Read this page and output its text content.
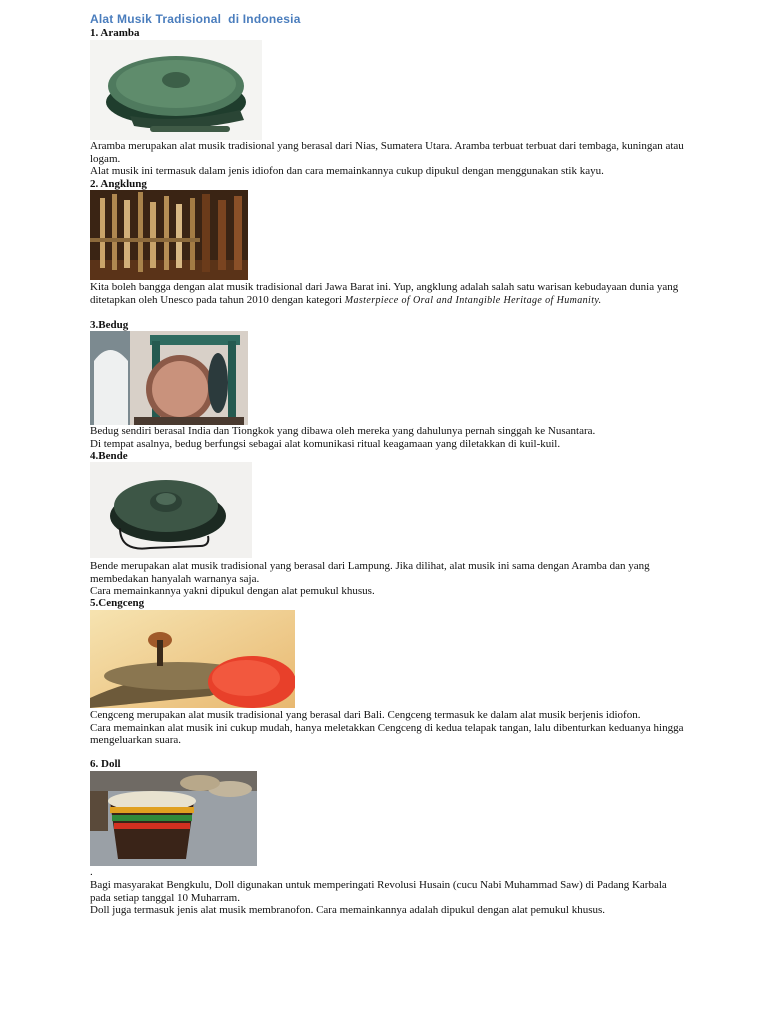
Alat Musik Tradisional  di Indonesia
1. Aramba

Aramba merupakan alat musik tradisional yang berasal dari Nias, Sumatera Utara. Aramba terbuat terbuat dari tembaga, kuningan atau logam.

Alat musik ini termasuk dalam jenis idiofon dan cara memainkannya cukup dipukul dengan menggunakan stik kayu.

2. Angklung

Kita boleh bangga dengan alat musik tradisional dari Jawa Barat ini. Yup, angklung adalah salah satu warisan kebudayaan dunia yang ditetapkan oleh Unesco pada tahun 2010 dengan kategori Masterpiece of Oral and Intangible Heritage of Humanity.

3.Bedug

Bedug sendiri berasal India dan Tiongkok yang dibawa oleh mereka yang dahulunya pernah singgah ke Nusantara.

Di tempat asalnya, bedug berfungsi sebagai alat komunikasi ritual keagamaan yang diletakkan di kuil-kuil.

4.Bende

Bende merupakan alat musik tradisional yang berasal dari Lampung. Jika dilihat, alat musik ini sama dengan Aramba dan yang membedakan hanyalah warnanya saja.

Cara memainkannya yakni dipukul dengan alat pemukul khusus.

5.Cengceng

Cengceng merupakan alat musik tradisional yang berasal dari Bali. Cengceng termasuk ke dalam alat musik berjenis idiofon.

Cara memainkan alat musik ini cukup mudah, hanya meletakkan Cengceng di kedua telapak tangan, lalu dibenturkan keduanya hingga mengeluarkan suara.

6. Doll
.

Bagi masyarakat Bengkulu, Doll digunakan untuk memperingati Revolusi Husain (cucu Nabi Muhammad Saw) di Padang Karbala pada setiap tanggal 10 Muharram.

Doll juga termasuk jenis alat musik membranofon. Cara memainkannya adalah dipukul dengan alat pemukul khusus.
